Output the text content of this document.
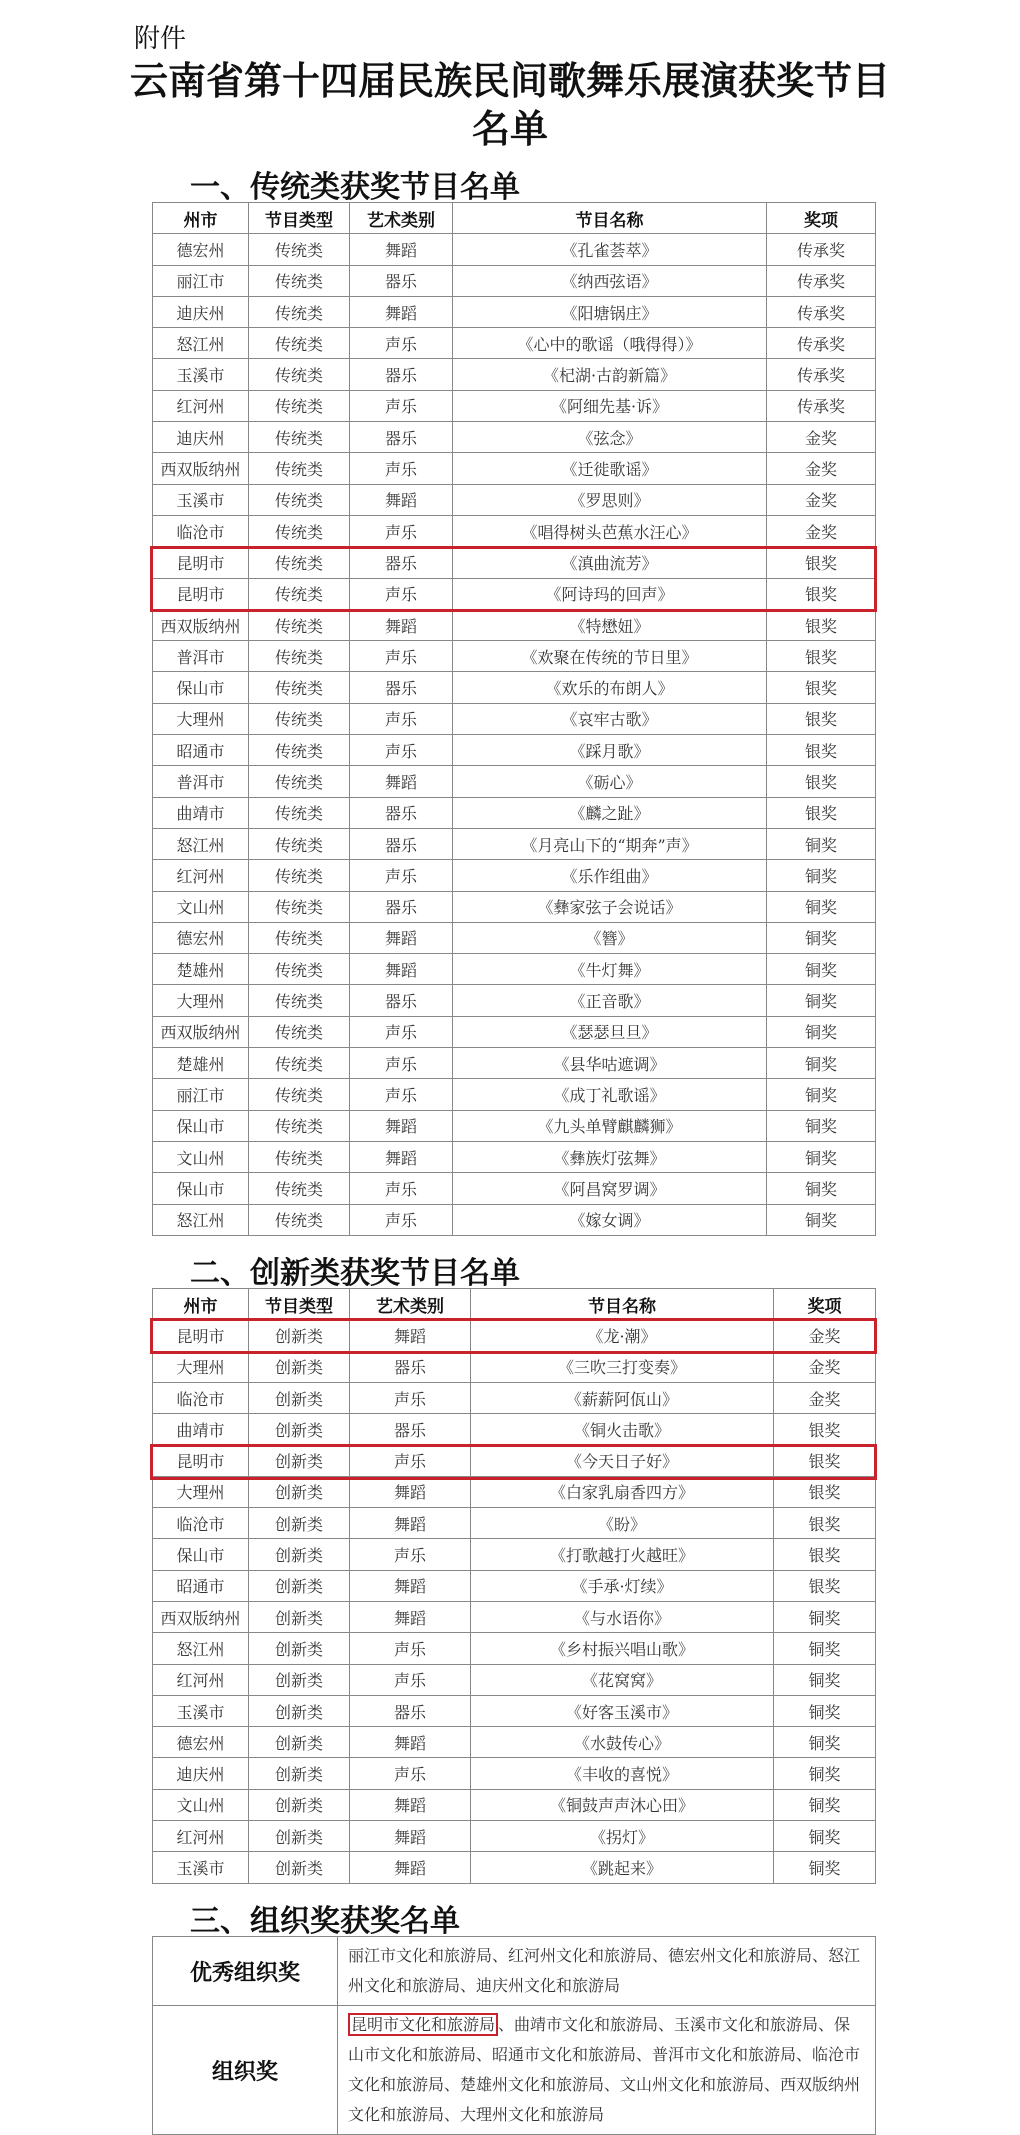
附件
云南省第十四届民族民间歌舞乐展演获奖节目
名单
一、传统类获奖节目名单
州市	节目类型	艺术类别	节目名称	奖项
德宏州	传统类	舞蹈	《孔雀荟萃》	传承奖
丽江市	传统类	器乐	《纳西弦语》	传承奖
迪庆州	传统类	舞蹈	《阳塘锅庄》	传承奖
怒江州	传统类	声乐	《心中的歌谣（哦得得）》	传承奖
玉溪市	传统类	器乐	《杞湖·古韵新篇》	传承奖
红河州	传统类	声乐	《阿细先基·诉》	传承奖
迪庆州	传统类	器乐	《弦念》	金奖
西双版纳州	传统类	声乐	《迁徙歌谣》	金奖
玉溪市	传统类	舞蹈	《罗思则》	金奖
临沧市	传统类	声乐	《唱得树头芭蕉水汪心》	金奖
昆明市	传统类	器乐	《滇曲流芳》	银奖
昆明市	传统类	声乐	《阿诗玛的回声》	银奖
西双版纳州	传统类	舞蹈	《特懋妞》	银奖
普洱市	传统类	声乐	《欢聚在传统的节日里》	银奖
保山市	传统类	器乐	《欢乐的布朗人》	银奖
大理州	传统类	声乐	《哀牢古歌》	银奖
昭通市	传统类	声乐	《踩月歌》	银奖
普洱市	传统类	舞蹈	《砺心》	银奖
曲靖市	传统类	器乐	《麟之趾》	银奖
怒江州	传统类	器乐	《月亮山下的“期奔”声》	铜奖
红河州	传统类	声乐	《乐作组曲》	铜奖
文山州	传统类	器乐	《彝家弦子会说话》	铜奖
德宏州	传统类	舞蹈	《簪》	铜奖
楚雄州	传统类	舞蹈	《牛灯舞》	铜奖
大理州	传统类	器乐	《正音歌》	铜奖
西双版纳州	传统类	声乐	《瑟瑟旦旦》	铜奖
楚雄州	传统类	声乐	《县华咕遮调》	铜奖
丽江市	传统类	声乐	《成丁礼歌谣》	铜奖
保山市	传统类	舞蹈	《九头单臂麒麟狮》	铜奖
文山州	传统类	舞蹈	《彝族灯弦舞》	铜奖
保山市	传统类	声乐	《阿昌窝罗调》	铜奖
怒江州	传统类	声乐	《嫁女调》	铜奖
二、创新类获奖节目名单
州市	节目类型	艺术类别	节目名称	奖项
昆明市	创新类	舞蹈	《龙·潮》	金奖
大理州	创新类	器乐	《三吹三打变奏》	金奖
临沧市	创新类	声乐	《薪薪阿佤山》	金奖
曲靖市	创新类	器乐	《铜火击歌》	银奖
昆明市	创新类	声乐	《今天日子好》	银奖
大理州	创新类	舞蹈	《白家乳扇香四方》	银奖
临沧市	创新类	舞蹈	《盼》	银奖
保山市	创新类	声乐	《打歌越打火越旺》	银奖
昭通市	创新类	舞蹈	《手承·灯续》	银奖
西双版纳州	创新类	舞蹈	《与水语你》	铜奖
怒江州	创新类	声乐	《乡村振兴唱山歌》	铜奖
红河州	创新类	声乐	《花窝窝》	铜奖
玉溪市	创新类	器乐	《好客玉溪市》	铜奖
德宏州	创新类	舞蹈	《水鼓传心》	铜奖
迪庆州	创新类	声乐	《丰收的喜悦》	铜奖
文山州	创新类	舞蹈	《铜鼓声声沐心田》	铜奖
红河州	创新类	舞蹈	《拐灯》	铜奖
玉溪市	创新类	舞蹈	《跳起来》	铜奖
三、组织奖获奖名单
优秀组织奖	丽江市文化和旅游局、红河州文化和旅游局、德宏州文化和旅游局、怒江州文化和旅游局、迪庆州文化和旅游局
组织奖	昆明市文化和旅游局 、曲靖市文化和旅游局、玉溪市文化和旅游局、保山市文化和旅游局、昭通市文化和旅游局、普洱市文化和旅游局、临沧市文化和旅游局、楚雄州文化和旅游局、文山州文化和旅游局、西双版纳州文化和旅游局、大理州文化和旅游局
